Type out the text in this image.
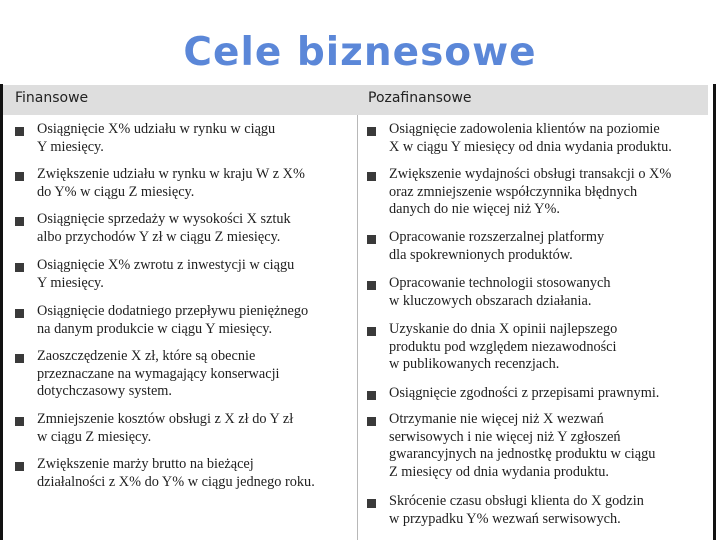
Cele biznesowe
Finansowe	Pozafinansowe
Osiągnięcie X% udziału w rynku w ciągu
Y miesięcy.
Zwiększenie udziału w rynku w kraju W z X%
do Y% w ciągu Z miesięcy.
Osiągnięcie sprzedaży w wysokości X sztuk
albo przychodów Y zł w ciągu Z miesięcy.
Osiągnięcie X% zwrotu z inwestycji w ciągu
Y miesięcy.
Osiągnięcie dodatniego przepływu pieniężnego
na danym produkcie w ciągu Y miesięcy.
Zaoszczędzenie X zł, które są obecnie
przeznaczane na wymagający konserwacji
dotychczasowy system.
Zmniejszenie kosztów obsługi z X zł do Y zł
w ciągu Z miesięcy.
Zwiększenie marży brutto na bieżącej
działalności z X% do Y% w ciągu jednego roku.
Osiągnięcie zadowolenia klientów na poziomie
X w ciągu Y miesięcy od dnia wydania produktu.
Zwiększenie wydajności obsługi transakcji o X%
oraz zmniejszenie współczynnika błędnych
danych do nie więcej niż Y%.
Opracowanie rozszerzalnej platformy
dla spokrewnionych produktów.
Opracowanie technologii stosowanych
w kluczowych obszarach działania.
Uzyskanie do dnia X opinii najlepszego
produktu pod względem niezawodności
w publikowanych recenzjach.
Osiągnięcie zgodności z przepisami prawnymi.
Otrzymanie nie więcej niż X wezwań
serwisowych i nie więcej niż Y zgłoszeń
gwarancyjnych na jednostkę produktu w ciągu
Z miesięcy od dnia wydania produktu.
Skrócenie czasu obsługi klienta do X godzin
w przypadku Y% wezwań serwisowych.
